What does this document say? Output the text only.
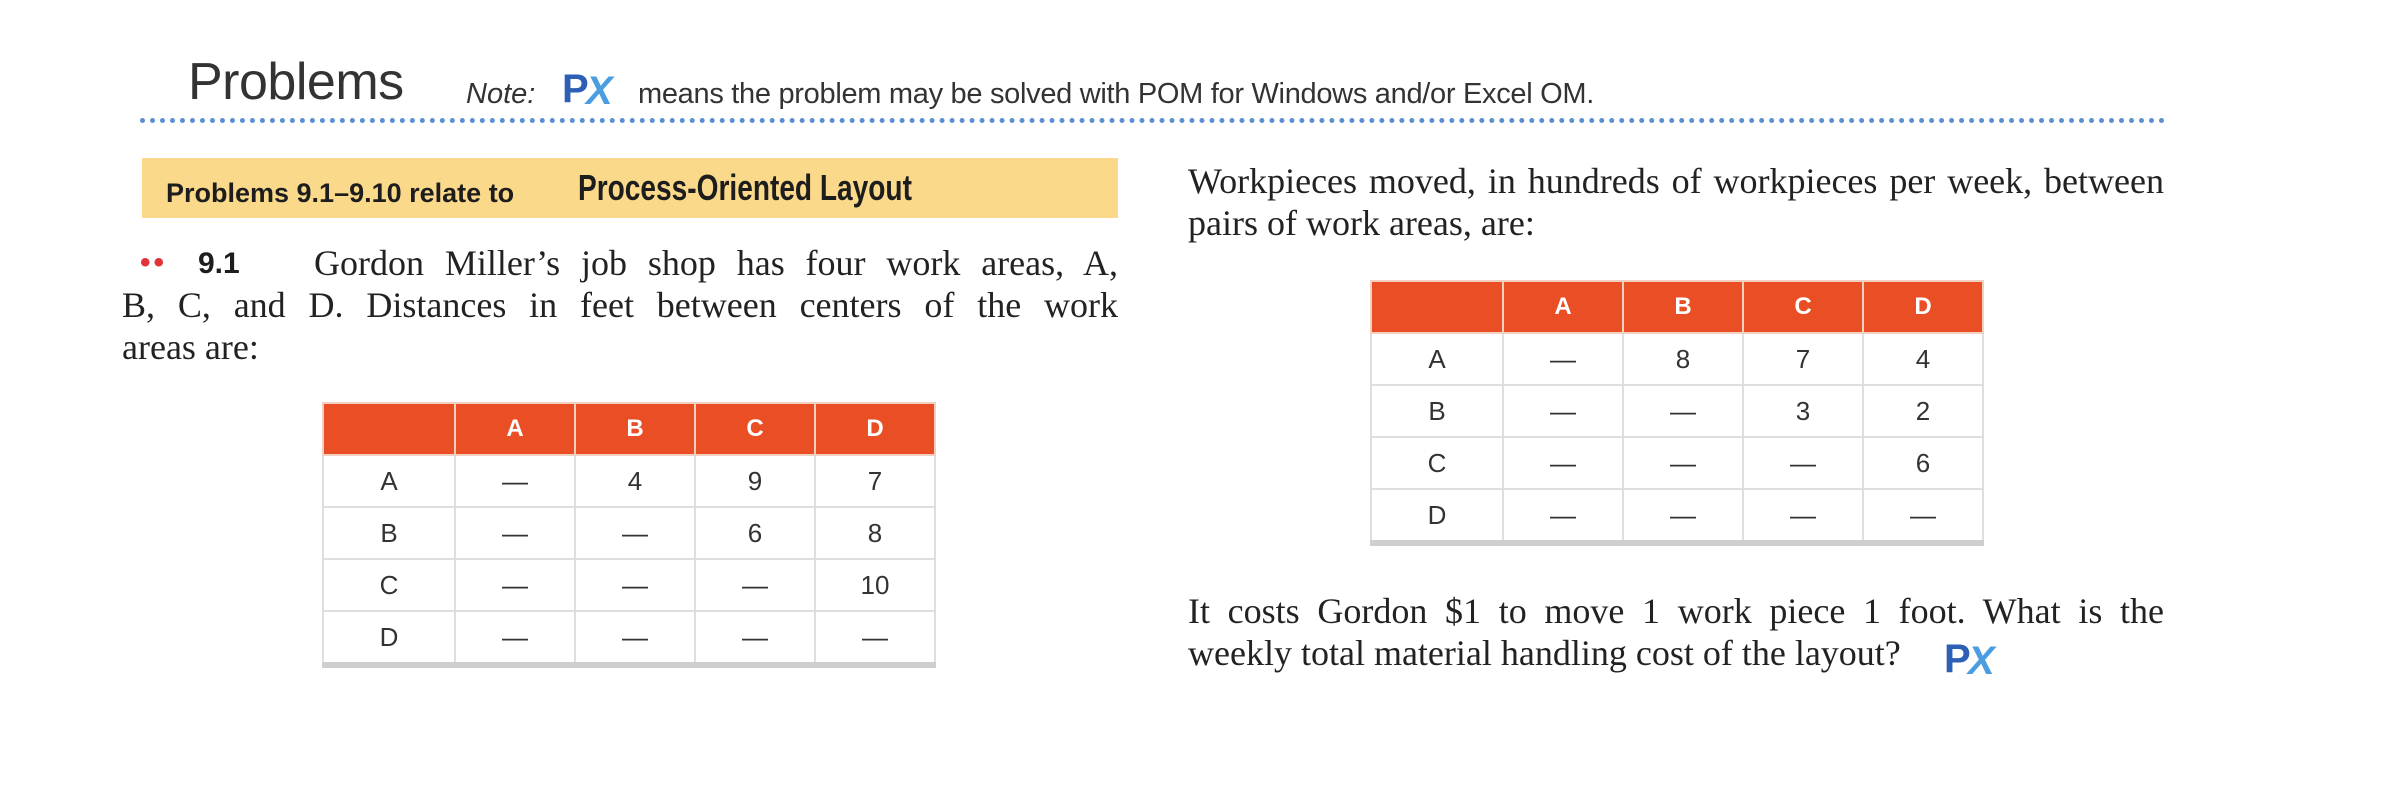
Problems Note: P
X means the problem may be solved with POM for Windows and/or Excel OM.
Problems 9.1–9.10 relate to Process-Oriented Layout
•• 9.1 Gordon Miller’s job shop has four work areas, A,
B, C, and D. Distances in feet between centers of the work
areas are:
	A	B	C	D
A	—	4	9	7
B	—	—	6	8
C	—	—	—	10
D	—	—	—	—
Workpieces moved, in hundreds of workpieces per week, between
pairs of work areas, are:
	A	B	C	D
A	—	8	7	4
B	—	—	3	2
C	—	—	—	6
D	—	—	—	—
It costs Gordon $1 to move 1 work piece 1 foot. What is the
weekly total material handling cost of the layout? P
X
